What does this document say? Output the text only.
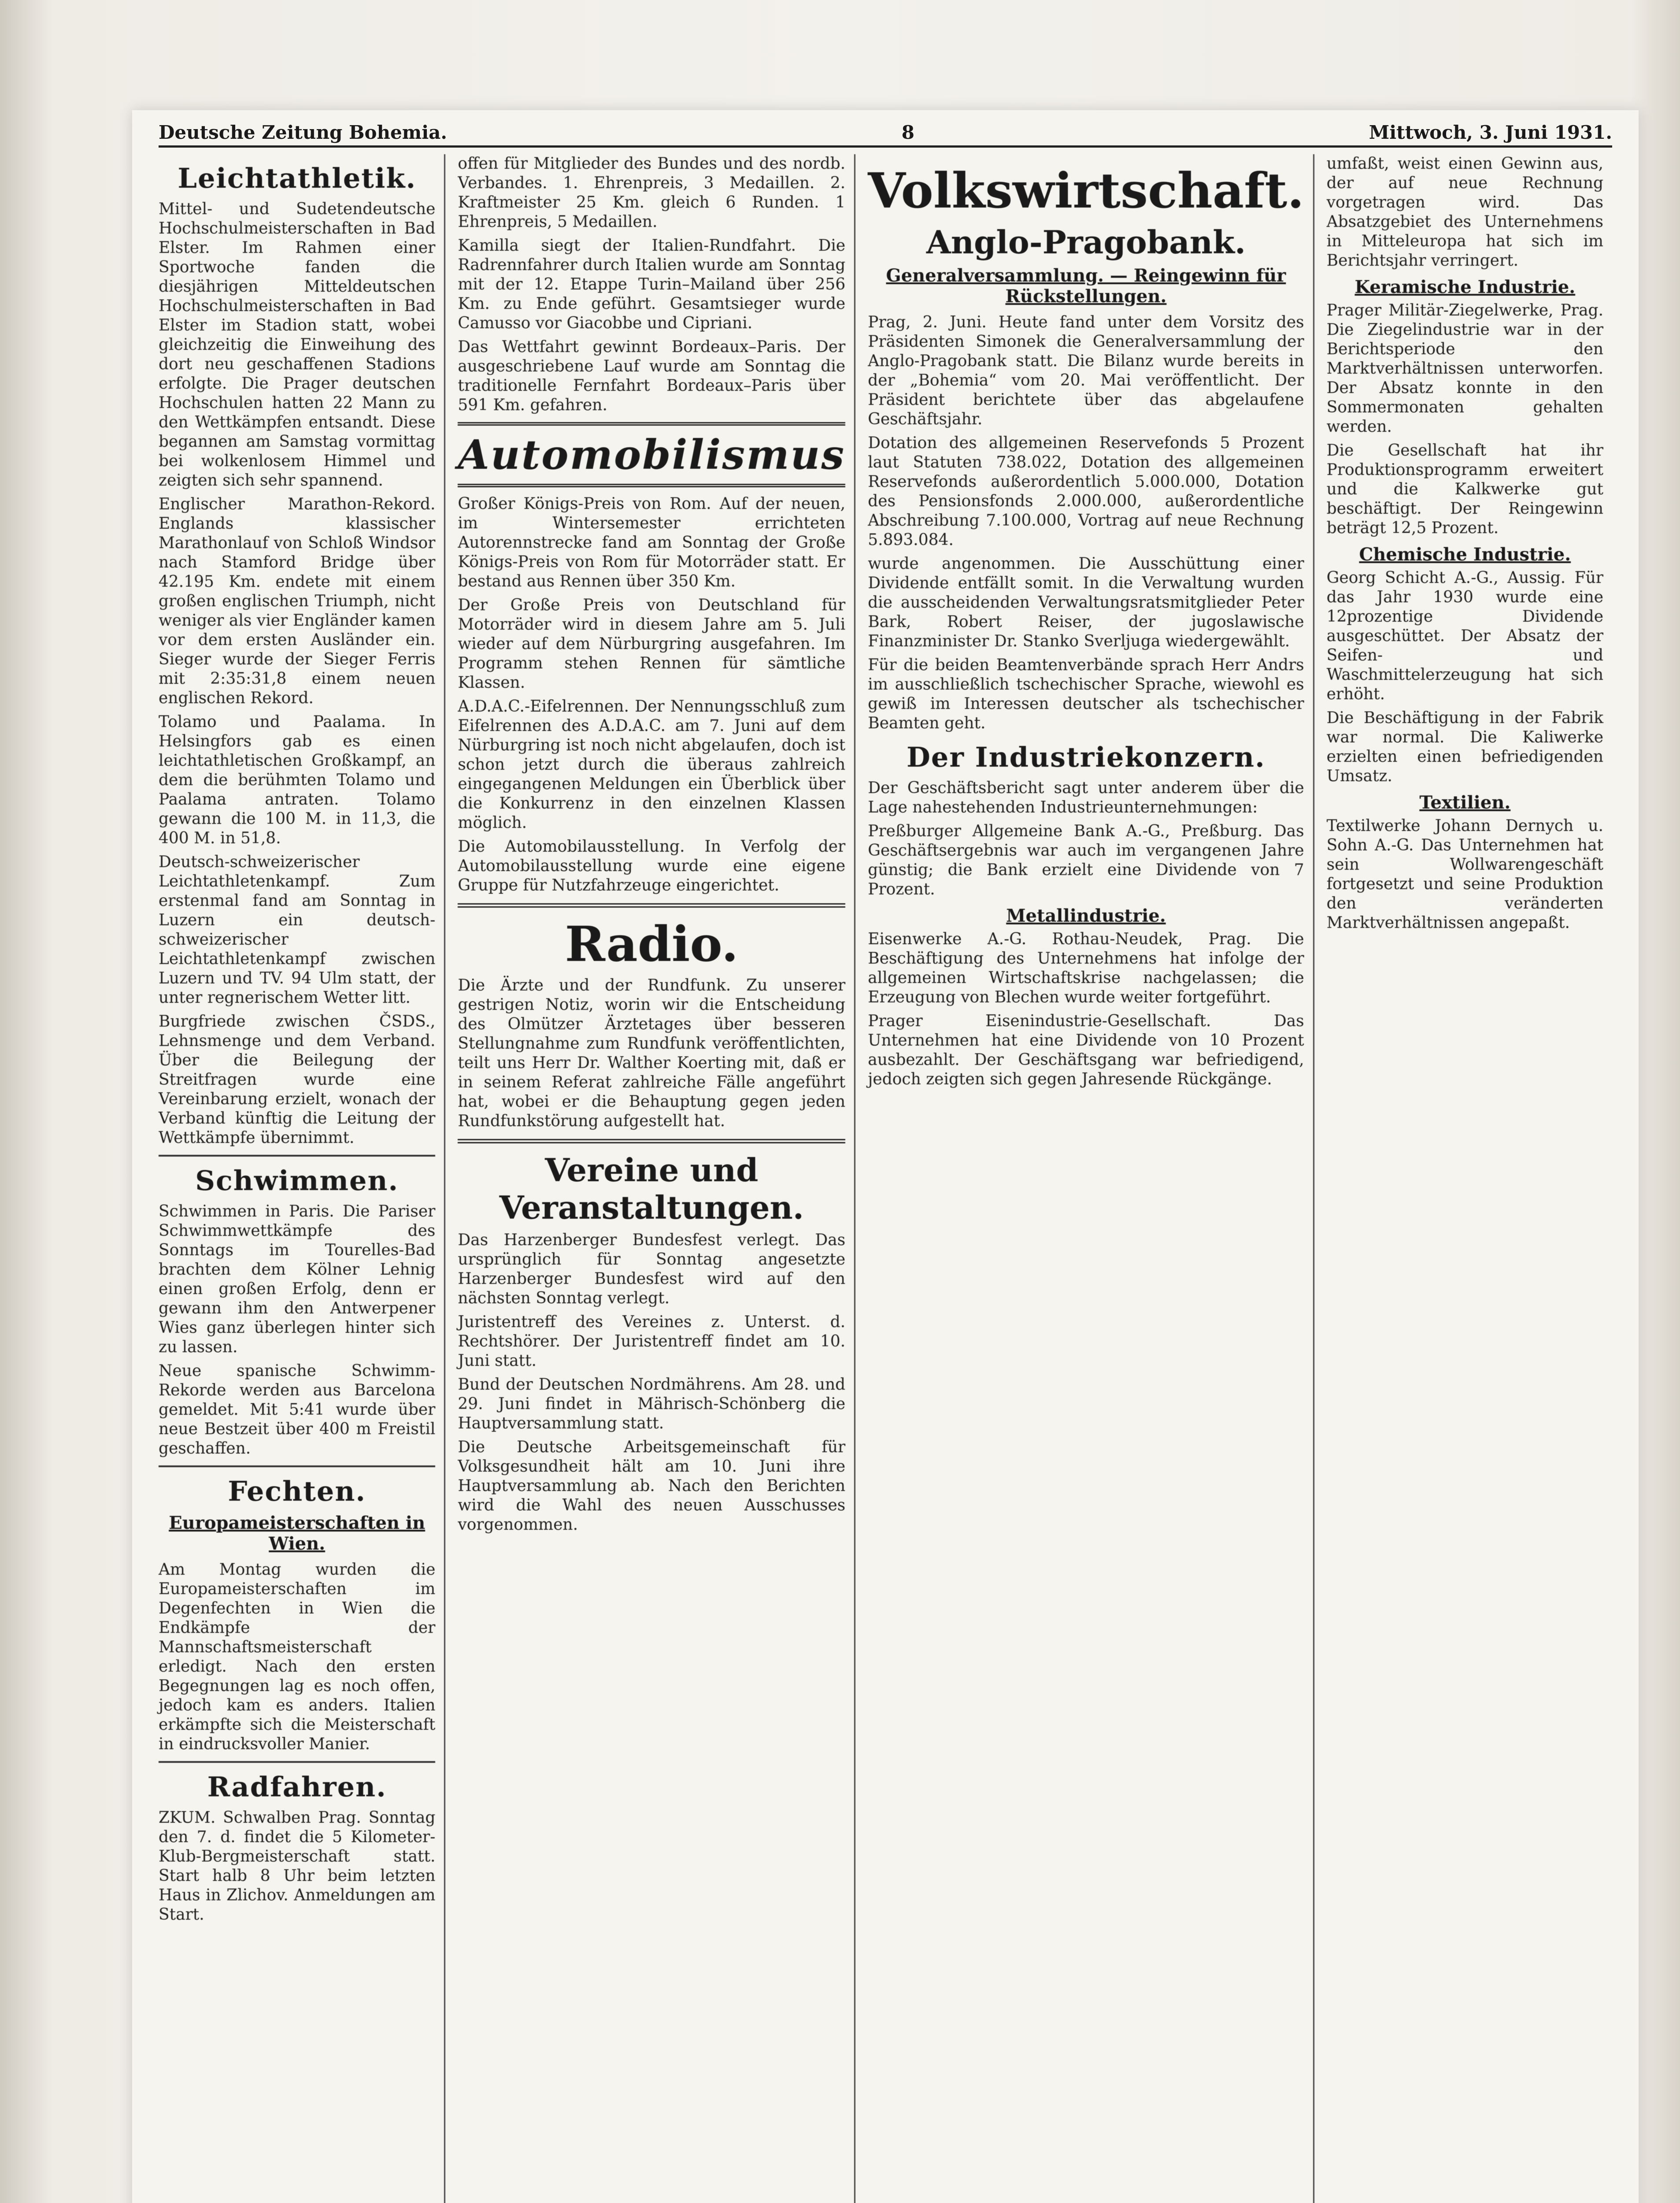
Deutsche Zeitung Bohemia.	8	Mittwoch, 3. Juni 1931.
Leichtathletik.

Mittel- und Sudetendeutsche Hochschulmeisterschaften in Bad Elster. Im Rahmen einer Sportwoche fanden die diesjährigen Mitteldeutschen Hochschulmeisterschaften in Bad Elster im Stadion statt, wobei gleichzeitig die Einweihung des dort neu geschaffenen Stadions erfolgte. Die Prager deutschen Hochschulen hatten 22 Mann zu den Wettkämpfen entsandt. Diese begannen am Samstag vormittag bei wolkenlosem Himmel und zeigten sich sehr spannend.

Englischer Marathon-Rekord. Englands klassischer Marathonlauf von Schloß Windsor nach Stamford Bridge über 42.195 Km. endete mit einem großen englischen Triumph, nicht weniger als vier Engländer kamen vor dem ersten Ausländer ein. Sieger wurde der Sieger Ferris mit 2:35:31,8 einem neuen englischen Rekord.

Tolamo und Paalama. In Helsingfors gab es einen leichtathletischen Großkampf, an dem die berühmten Tolamo und Paalama antraten. Tolamo gewann die 100 M. in 11,3, die 400 M. in 51,8.

Deutsch-schweizerischer Leichtathletenkampf. Zum erstenmal fand am Sonntag in Luzern ein deutsch-schweizerischer Leichtathletenkampf zwischen Luzern und TV. 94 Ulm statt, der unter regnerischem Wetter litt.

Burgfriede zwischen ČSDS., Lehnsmenge und dem Verband. Über die Beilegung der Streitfragen wurde eine Vereinbarung erzielt, wonach der Verband künftig die Leitung der Wettkämpfe übernimmt.

Schwimmen.

Schwimmen in Paris. Die Pariser Schwimmwettkämpfe des Sonntags im Tourelles-Bad brachten dem Kölner Lehnig einen großen Erfolg, denn er gewann ihm den Antwerpener Wies ganz überlegen hinter sich zu lassen.

Neue spanische Schwimm-Rekorde werden aus Barcelona gemeldet. Mit 5:41 wurde über neue Bestzeit über 400 m Freistil geschaffen.

Fechten.
Europameisterschaften in Wien.

Am Montag wurden die Europameisterschaften im Degenfechten in Wien die Endkämpfe der Mannschaftsmeisterschaft erledigt. Nach den ersten Begegnungen lag es noch offen, jedoch kam es anders. Italien erkämpfte sich die Meisterschaft in eindrucksvoller Manier.

Radfahren.

ZKUM. Schwalben Prag. Sonntag den 7. d. findet die 5 Kilometer-Klub-Bergmeisterschaft statt. Start halb 8 Uhr beim letzten Haus in Zlichov. Anmeldungen am Start.

offen für Mitglieder des Bundes und des nordb. Verbandes. 1. Ehrenpreis, 3 Medaillen. 2. Kraftmeister 25 Km. gleich 6 Runden. 1 Ehrenpreis, 5 Medaillen.

Kamilla siegt der Italien-Rundfahrt. Die Radrennfahrer durch Italien wurde am Sonntag mit der 12. Etappe Turin–Mailand über 256 Km. zu Ende geführt. Gesamtsieger wurde Camusso vor Giacobbe und Cipriani.

Das Wettfahrt gewinnt Bordeaux–Paris. Der ausgeschriebene Lauf wurde am Sonntag die traditionelle Fernfahrt Bordeaux–Paris über 591 Km. gefahren.

Automobilismus

Großer Königs-Preis von Rom. Auf der neuen, im Wintersemester errichteten Autorennstrecke fand am Sonntag der Große Königs-Preis von Rom für Motorräder statt. Er bestand aus Rennen über 350 Km.

Der Große Preis von Deutschland für Motorräder wird in diesem Jahre am 5. Juli wieder auf dem Nürburgring ausgefahren. Im Programm stehen Rennen für sämtliche Klassen.

A.D.A.C.-Eifelrennen. Der Nennungsschluß zum Eifelrennen des A.D.A.C. am 7. Juni auf dem Nürburgring ist noch nicht abgelaufen, doch ist schon jetzt durch die überaus zahlreich eingegangenen Meldungen ein Überblick über die Konkurrenz in den einzelnen Klassen möglich.

Die Automobilausstellung. In Verfolg der Automobilausstellung wurde eine eigene Gruppe für Nutzfahrzeuge eingerichtet.

Radio.

Die Ärzte und der Rundfunk. Zu unserer gestrigen Notiz, worin wir die Entscheidung des Olmützer Ärztetages über besseren Stellungnahme zum Rundfunk veröffentlichten, teilt uns Herr Dr. Walther Koerting mit, daß er in seinem Referat zahlreiche Fälle angeführt hat, wobei er die Behauptung gegen jeden Rundfunkstörung aufgestellt hat.

Vereine und Veranstaltungen.

Das Harzenberger Bundesfest verlegt. Das ursprünglich für Sonntag angesetzte Harzenberger Bundesfest wird auf den nächsten Sonntag verlegt.

Juristentreff des Vereines z. Unterst. d. Rechtshörer. Der Juristentreff findet am 10. Juni statt.

Bund der Deutschen Nordmährens. Am 28. und 29. Juni findet in Mährisch-Schönberg die Hauptversammlung statt.

Die Deutsche Arbeitsgemeinschaft für Volksgesundheit hält am 10. Juni ihre Hauptversammlung ab. Nach den Berichten wird die Wahl des neuen Ausschusses vorgenommen.

Volkswirtschaft.
Anglo-Pragobank.
Generalversammlung. — Reingewinn für Rückstellungen.

Prag, 2. Juni. Heute fand unter dem Vorsitz des Präsidenten Simonek die Generalversammlung der Anglo-Pragobank statt. Die Bilanz wurde bereits in der „Bohemia“ vom 20. Mai veröffentlicht. Der Präsident berichtete über das abgelaufene Geschäftsjahr.

Dotation des allgemeinen Reservefonds 5 Prozent laut Statuten 738.022, Dotation des allgemeinen Reservefonds außerordentlich 5.000.000, Dotation des Pensionsfonds 2.000.000, außerordentliche Abschreibung 7.100.000, Vortrag auf neue Rechnung 5.893.084.

wurde angenommen. Die Ausschüttung einer Dividende entfällt somit. In die Verwaltung wurden die ausscheidenden Verwaltungsratsmitglieder Peter Bark, Robert Reiser, der jugoslawische Finanzminister Dr. Stanko Sverljuga wiedergewählt.

Für die beiden Beamtenverbände sprach Herr Andrs im ausschließlich tschechischer Sprache, wiewohl es gewiß im Interessen deutscher als tschechischer Beamten geht.

Der Industriekonzern.

Der Geschäftsbericht sagt unter anderem über die Lage nahestehenden Industrieunternehmungen:

Preßburger Allgemeine Bank A.-G., Preßburg. Das Geschäftsergebnis war auch im vergangenen Jahre günstig; die Bank erzielt eine Dividende von 7 Prozent.

Metallindustrie.

Eisenwerke A.-G. Rothau-Neudek, Prag. Die Beschäftigung des Unternehmens hat infolge der allgemeinen Wirtschaftskrise nachgelassen; die Erzeugung von Blechen wurde weiter fortgeführt.

Prager Eisenindustrie-Gesellschaft. Das Unternehmen hat eine Dividende von 10 Prozent ausbezahlt. Der Geschäftsgang war befriedigend, jedoch zeigten sich gegen Jahresende Rückgänge.

umfaßt, weist einen Gewinn aus, der auf neue Rechnung vorgetragen wird. Das Absatzgebiet des Unternehmens in Mitteleuropa hat sich im Berichtsjahr verringert.

Keramische Industrie.

Prager Militär-Ziegelwerke, Prag. Die Ziegelindustrie war in der Berichtsperiode den Marktverhältnissen unterworfen. Der Absatz konnte in den Sommermonaten gehalten werden.

Die Gesellschaft hat ihr Produktionsprogramm erweitert und die Kalkwerke gut beschäftigt. Der Reingewinn beträgt 12,5 Prozent.

Chemische Industrie.

Georg Schicht A.-G., Aussig. Für das Jahr 1930 wurde eine 12prozentige Dividende ausgeschüttet. Der Absatz der Seifen- und Waschmittelerzeugung hat sich erhöht.

Die Beschäftigung in der Fabrik war normal. Die Kaliwerke erzielten einen befriedigenden Umsatz.

Textilien.

Textilwerke Johann Dernych u. Sohn A.-G. Das Unternehmen hat sein Wollwarengeschäft fortgesetzt und seine Produktion den veränderten Marktverhältnissen angepaßt.
